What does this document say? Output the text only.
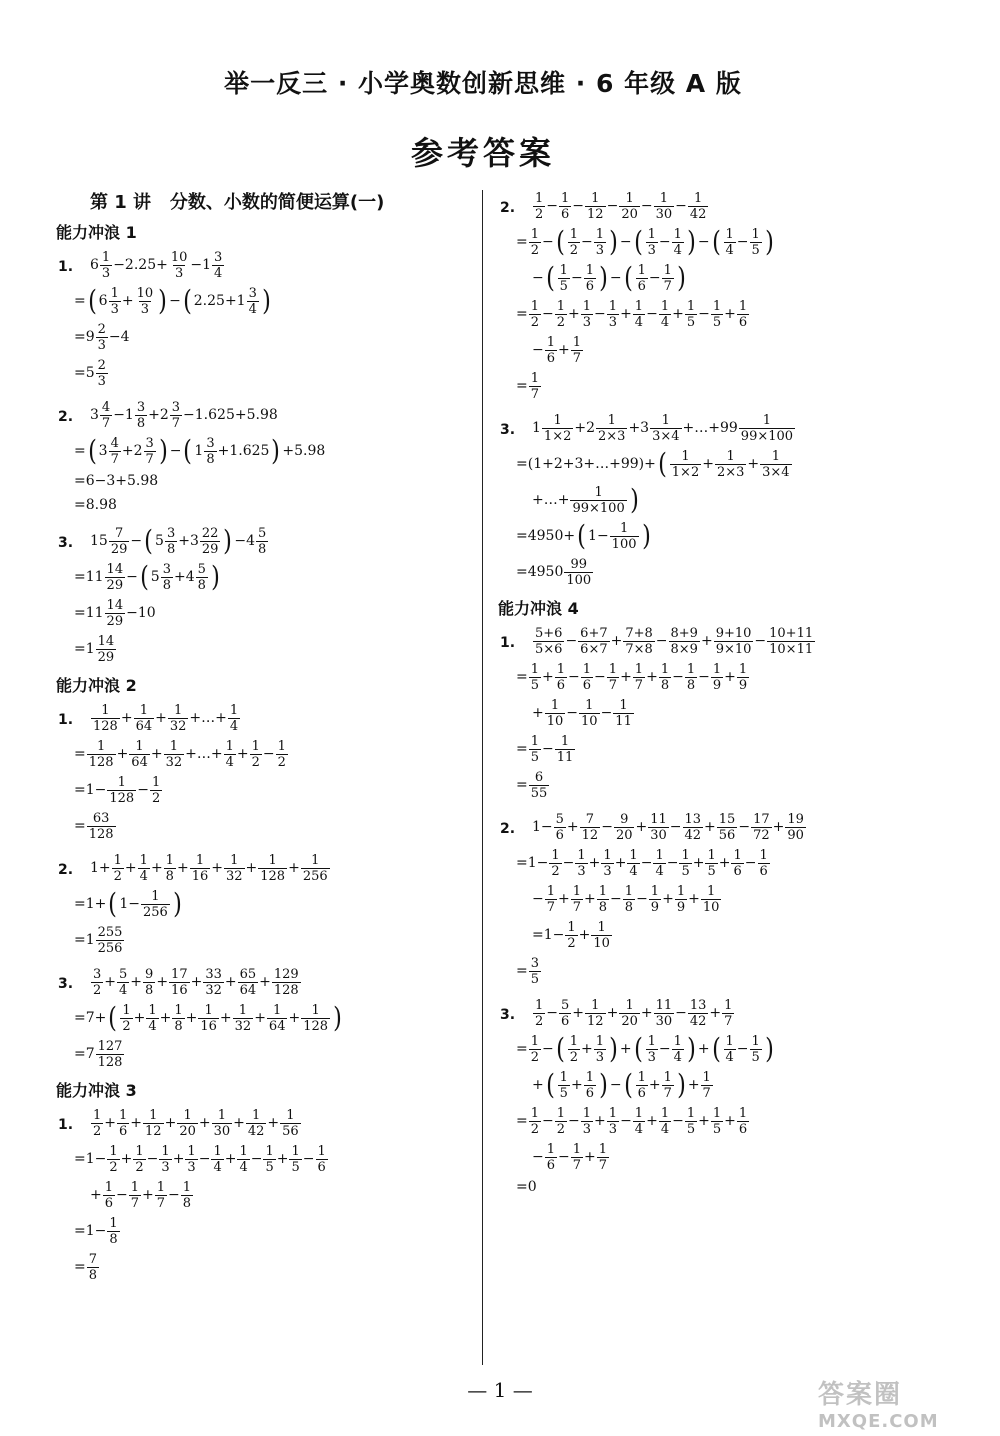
举一反三 · 小学奥数创新思维 · 6 年级 A 版
参考答案
第 1 讲   分数、小数的简便运算(一)
能力冲浪 1
1.	$6 \frac{1}{3} -2.25+ \frac{10}{3} -1 \frac{3}{4}$
= ( $6 \frac{1}{3} + \frac{10}{3}$ ) − ( $2.25+1 \frac{3}{4}$ )
$=9 \frac{2}{3} -4$
$=5 \frac{2}{3}$
2.	$3 \frac{4}{7} -1 \frac{3}{8} +2 \frac{3}{7} -1.625+5.98$
= ( $3 \frac{4}{7} +2 \frac{3}{7}$ ) − ( $1 \frac{3}{8} +1.625$ ) +5.98
=6−3+5.98
=8.98
3.	$15 \frac{7}{29}$ − ( $5 \frac{3}{8} +3 \frac{22}{29}$ ) $-4 \frac{5}{8}$
$=11 \frac{14}{29}$ − ( $5 \frac{3}{8} +4 \frac{5}{8}$ )
$=11 \frac{14}{29} -10$
$=1 \frac{14}{29}$
能力冲浪 2
1. $\frac{1}{128} + \frac{1}{64} + \frac{1}{32}$ +…+ $\frac{1}{4}$
= $\frac{1}{128} + \frac{1}{64} + \frac{1}{32}$ +…+ $\frac{1}{4} + \frac{1}{2} - \frac{1}{2}$
$=1- \frac{1}{128} - \frac{1}{2}$
= $\frac{63}{128}$
2.	$1+ \frac{1}{2} + \frac{1}{4} + \frac{1}{8} + \frac{1}{16} + \frac{1}{32} + \frac{1}{128} + \frac{1}{256}$
=1+ ( $1- \frac{1}{256}$ )
$=1 \frac{255}{256}$
3. $\frac{3}{2} + \frac{5}{4} + \frac{9}{8} + \frac{17}{16} + \frac{33}{32} + \frac{65}{64} + \frac{129}{128}$
=7+ ( $\frac{1}{2} + \frac{1}{4} + \frac{1}{8} + \frac{1}{16} + \frac{1}{32} + \frac{1}{64} + \frac{1}{128}$ )
$=7 \frac{127}{128}$
能力冲浪 3
1. $\frac{1}{2} + \frac{1}{6} + \frac{1}{12} + \frac{1}{20} + \frac{1}{30} + \frac{1}{42} + \frac{1}{56}$
$=1- \frac{1}{2} + \frac{1}{2} - \frac{1}{3} + \frac{1}{3} - \frac{1}{4} + \frac{1}{4} - \frac{1}{5} + \frac{1}{5} - \frac{1}{6}$
+ $\frac{1}{6} - \frac{1}{7} + \frac{1}{7} - \frac{1}{8}$
$=1- \frac{1}{8}$
= $\frac{7}{8}$
2. $\frac{1}{2} - \frac{1}{6} - \frac{1}{12} - \frac{1}{20} - \frac{1}{30} - \frac{1}{42}$
= $\frac{1}{2}$ − ( $\frac{1}{2} - \frac{1}{3}$ ) − ( $\frac{1}{3} - \frac{1}{4}$ ) − ( $\frac{1}{4} - \frac{1}{5}$ )
− ( $\frac{1}{5} - \frac{1}{6}$ ) − ( $\frac{1}{6} - \frac{1}{7}$ )
= $\frac{1}{2} - \frac{1}{2} + \frac{1}{3} - \frac{1}{3} + \frac{1}{4} - \frac{1}{4} + \frac{1}{5} - \frac{1}{5} + \frac{1}{6}$
− $\frac{1}{6} + \frac{1}{7}$
= $\frac{1}{7}$
3.	$1 \frac{1}{1\times 2} +2 \frac{1}{2\times 3} +3 \frac{1}{3\times 4}$ +…+99 $\frac{1}{99\times 100}$
=(1+2+3+…+99)+ ( $\frac{1}{1\times 2} + \frac{1}{2\times 3} + \frac{1}{3\times 4}$
+…+ $\frac{1}{99\times 100}$ )
=4950+ ( $1- \frac{1}{100}$ )
$=4950 \frac{99}{100}$
能力冲浪 4
1. $\frac{5+6}{5\times 6} - \frac{6+7}{6\times 7} + \frac{7+8}{7\times 8} - \frac{8+9}{8\times 9} + \frac{9+10}{9\times 10} - \frac{10+11}{10\times 11}$
= $\frac{1}{5} + \frac{1}{6} - \frac{1}{6} - \frac{1}{7} + \frac{1}{7} + \frac{1}{8} - \frac{1}{8} - \frac{1}{9} + \frac{1}{9}$
+ $\frac{1}{10} - \frac{1}{10} - \frac{1}{11}$
= $\frac{1}{5} - \frac{1}{11}$
= $\frac{6}{55}$
2.	$1- \frac{5}{6} + \frac{7}{12} - \frac{9}{20} + \frac{11}{30} - \frac{13}{42} + \frac{15}{56} - \frac{17}{72} + \frac{19}{90}$
$=1- \frac{1}{2} - \frac{1}{3} + \frac{1}{3} + \frac{1}{4} - \frac{1}{4} - \frac{1}{5} + \frac{1}{5} + \frac{1}{6} - \frac{1}{6}$
− $\frac{1}{7} + \frac{1}{7} + \frac{1}{8} - \frac{1}{8} - \frac{1}{9} + \frac{1}{9} + \frac{1}{10}$
$=1- \frac{1}{2} + \frac{1}{10}$
= $\frac{3}{5}$
3. $\frac{1}{2} - \frac{5}{6} + \frac{1}{12} + \frac{1}{20} + \frac{11}{30} - \frac{13}{42} + \frac{1}{7}$
= $\frac{1}{2}$ − ( $\frac{1}{2} + \frac{1}{3}$ ) + ( $\frac{1}{3} - \frac{1}{4}$ ) + ( $\frac{1}{4} - \frac{1}{5}$ )
+ ( $\frac{1}{5} + \frac{1}{6}$ ) − ( $\frac{1}{6} + \frac{1}{7}$ ) + $\frac{1}{7}$
= $\frac{1}{2} - \frac{1}{2} - \frac{1}{3} + \frac{1}{3} - \frac{1}{4} + \frac{1}{4} - \frac{1}{5} + \frac{1}{5} + \frac{1}{6}$
− $\frac{1}{6} - \frac{1}{7} + \frac{1}{7}$
=0
— 1 —	答案圈
MXQE.COM
